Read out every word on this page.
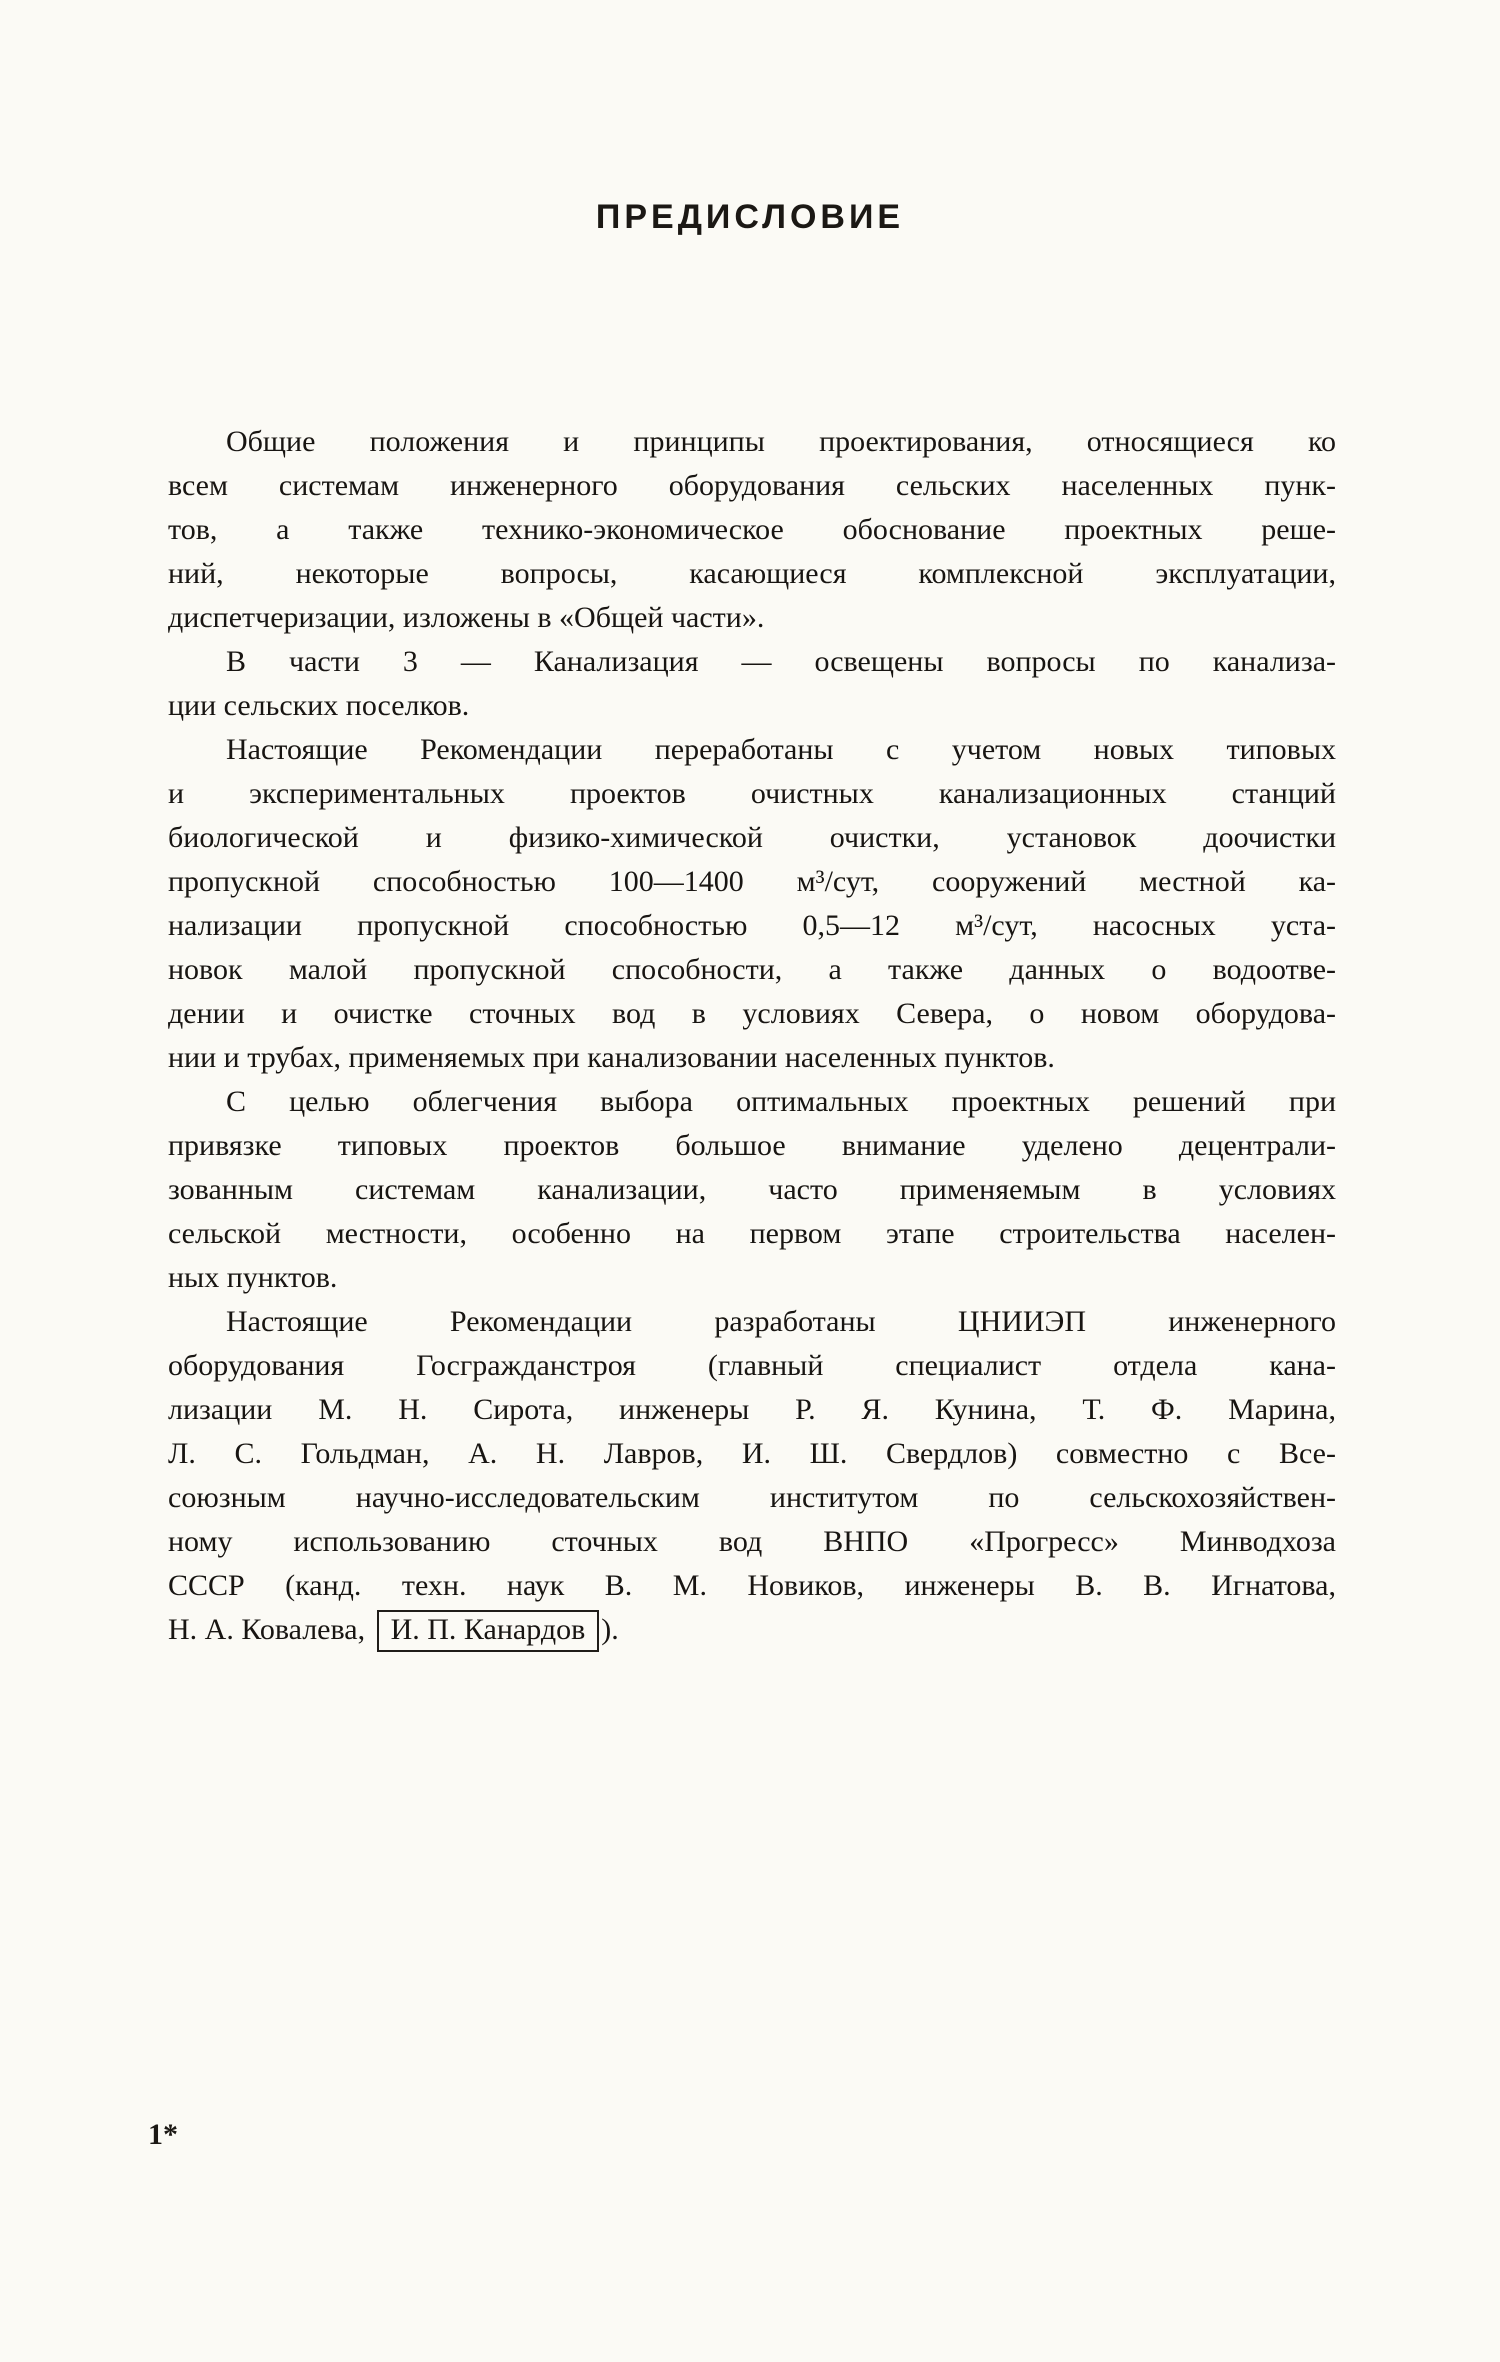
ПРЕДИСЛОВИЕ
Общие положения и принципы проектирования, относящиеся ко
всем системам инженерного оборудования сельских населенных пунк-
тов, а также технико-экономическое обоснование проектных реше-
ний, некоторые вопросы, касающиеся комплексной эксплуатации,
диспетчеризации, изложены в «Общей части».
В части 3 — Канализация — освещены вопросы по канализа-
ции сельских поселков.
Настоящие Рекомендации переработаны с учетом новых типовых
и экспериментальных проектов очистных канализационных станций
биологической и физико-химической очистки, установок доочистки
пропускной способностью 100—1400 м³/сут, сооружений местной ка-
нализации пропускной способностью 0,5—12 м³/сут, насосных уста-
новок малой пропускной способности, а также данных о водоотве-
дении и очистке сточных вод в условиях Севера, о новом оборудова-
нии и трубах, применяемых при канализовании населенных пунктов.
С целью облегчения выбора оптимальных проектных решений при
привязке типовых проектов большое внимание уделено децентрали-
зованным системам канализации, часто применяемым в условиях
сельской местности, особенно на первом этапе строительства населен-
ных пунктов.
Настоящие Рекомендации разработаны ЦНИИЭП инженерного
оборудования Госгражданстроя (главный специалист отдела кана-
лизации М. Н. Сирота, инженеры Р. Я. Кунина, Т. Ф. Марина,
Л. С. Гольдман, А. Н. Лавров, И. Ш. Свердлов) совместно с Все-
союзным научно-исследовательским институтом по сельскохозяйствен-
ному использованию сточных вод ВНПО «Прогресс» Минводхоза
СССР (канд. техн. наук В. М. Новиков, инженеры В. В. Игнатова,
Н. А. Ковалева, И. П. Канардов ).
1*
